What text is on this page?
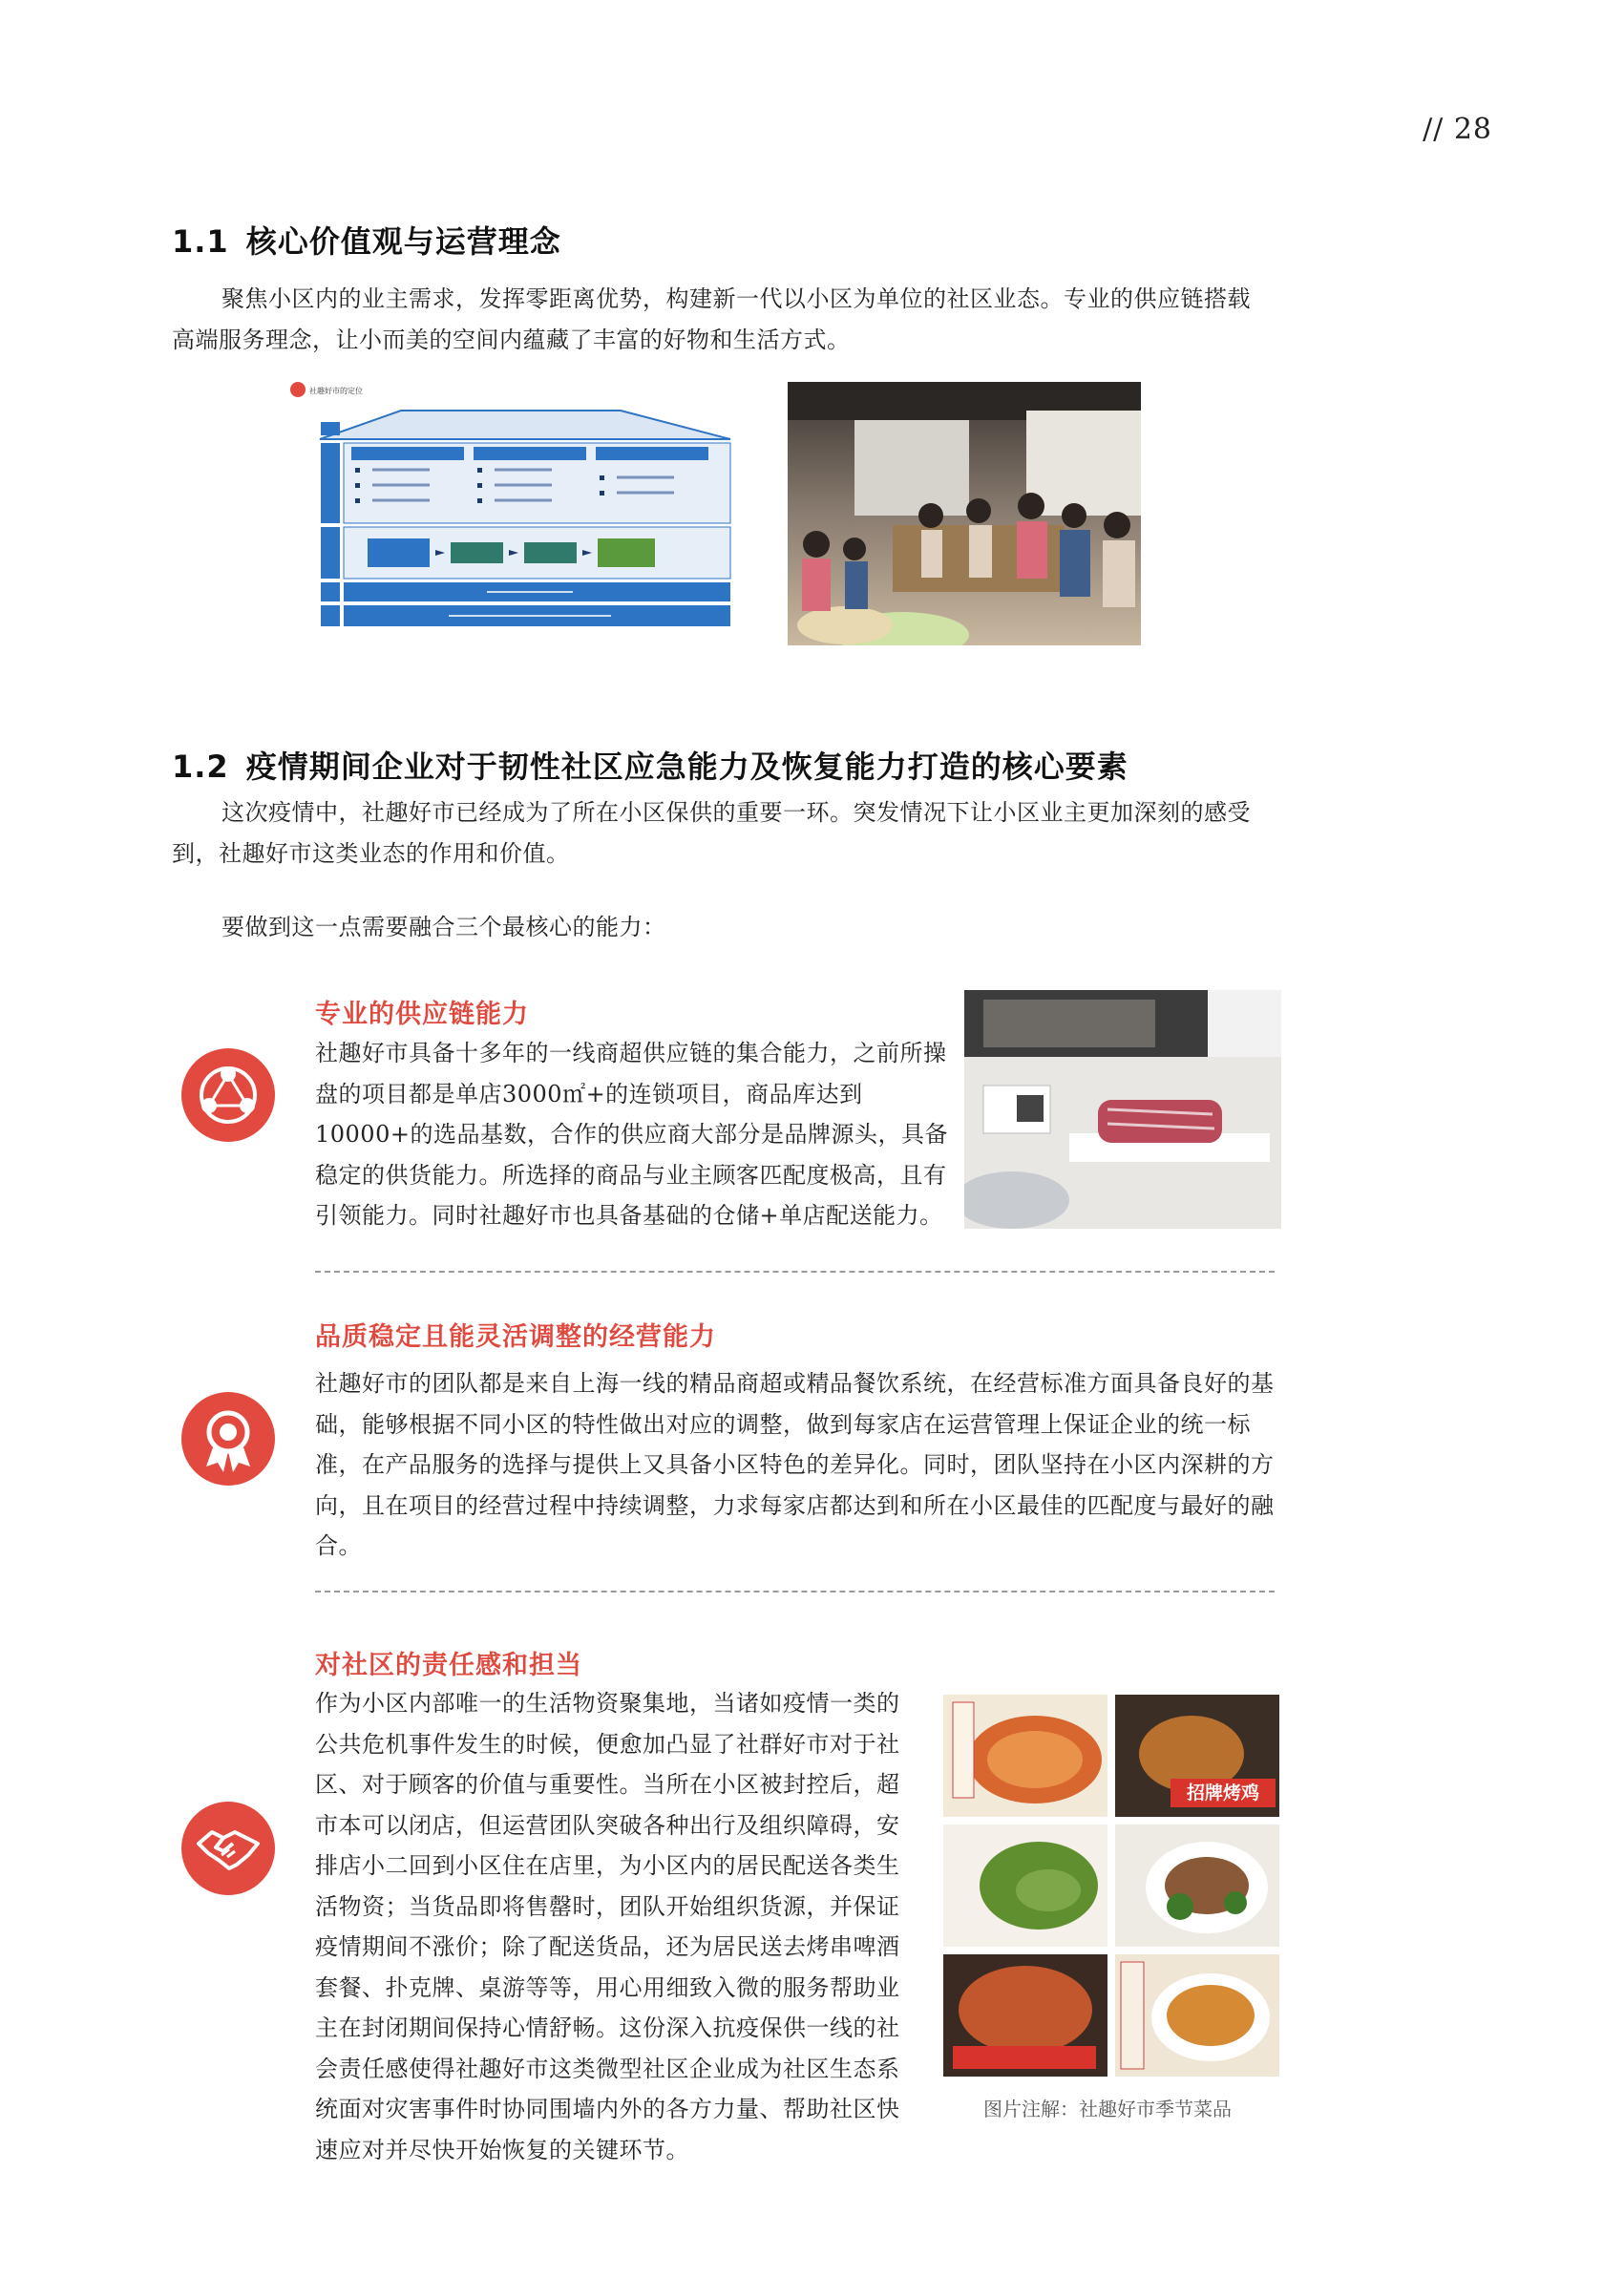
// 28
1.1 核心价值观与运营理念
聚焦小区内的业主需求，发挥零距离优势，构建新一代以小区为单位的社区业态。专业的供应链搭载高端服务理念，让小而美的空间内蕴藏了丰富的好物和生活方式。
社趣好市的定位
1.2 疫情期间企业对于韧性社区应急能力及恢复能力打造的核心要素
这次疫情中，社趣好市已经成为了所在小区保供的重要一环。突发情况下让小区业主更加深刻的感受到，社趣好市这类业态的作用和价值。
要做到这一点需要融合三个最核心的能力：
专业的供应链能力
社趣好市具备十多年的一线商超供应链的集合能力，之前所操盘的项目都是单店3000㎡+的连锁项目，商品库达到10000+的选品基数，合作的供应商大部分是品牌源头，具备稳定的供货能力。所选择的商品与业主顾客匹配度极高，且有引领能力。同时社趣好市也具备基础的仓储+单店配送能力。
品质稳定且能灵活调整的经营能力
社趣好市的团队都是来自上海一线的精品商超或精品餐饮系统，在经营标准方面具备良好的基础，能够根据不同小区的特性做出对应的调整，做到每家店在运营管理上保证企业的统一标准，在产品服务的选择与提供上又具备小区特色的差异化。同时，团队坚持在小区内深耕的方向，且在项目的经营过程中持续调整，力求每家店都达到和所在小区最佳的匹配度与最好的融合。
对社区的责任感和担当
作为小区内部唯一的生活物资聚集地，当诸如疫情一类的公共危机事件发生的时候，便愈加凸显了社群好市对于社区、对于顾客的价值与重要性。当所在小区被封控后，超市本可以闭店，但运营团队突破各种出行及组织障碍，安排店小二回到小区住在店里，为小区内的居民配送各类生活物资；当货品即将售罄时，团队开始组织货源，并保证疫情期间不涨价；除了配送货品，还为居民送去烤串啤酒套餐、扑克牌、桌游等等，用心用细致入微的服务帮助业主在封闭期间保持心情舒畅。这份深入抗疫保供一线的社会责任感使得社趣好市这类微型社区企业成为社区生态系统面对灾害事件时协同围墙内外的各方力量、帮助社区快速应对并尽快开始恢复的关键环节。
招牌烤鸡
图片注解：社趣好市季节菜品
